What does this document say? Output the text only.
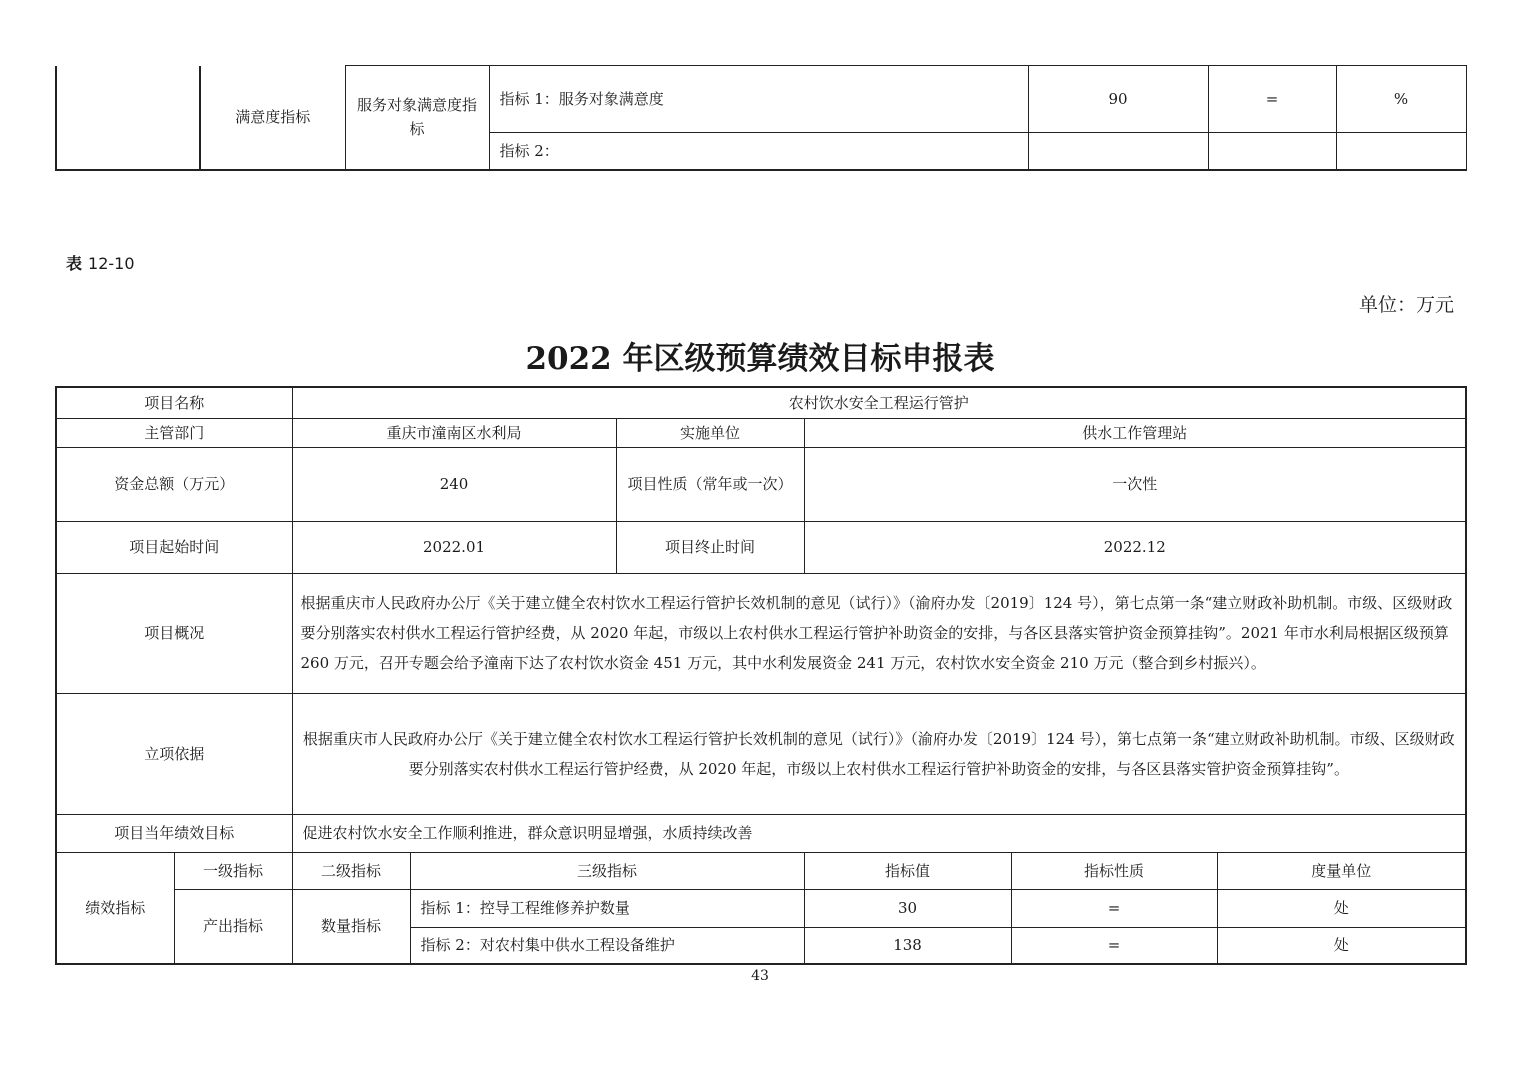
	满意度指标	服务对象满意度指标	指标 1：服务对象满意度	90	=	%
			指标 2：			
表 12-10
单位：万元
2022 年区级预算绩效目标申报表
项目名称		农村饮水安全工程运行管护					
主管部门		重庆市潼南区水利局		实施单位	供水工作管理站		
资金总额（万元）		240		项目性质（常年或一次）	一次性		
项目起始时间		2022.01		项目终止时间	2022.12		
项目概况		根据重庆市人民政府办公厅《关于建立健全农村饮水工程运行管护长效机制的意见（试行）》（渝府办发〔2019〕124 号），第七点第一条“建立财政补助机制。市级、区级财政要分别落实农村供水工程运行管护经费，从 2020 年起，市级以上农村供水工程运行管护补助资金的安排，与各区县落实管护资金预算挂钩”。2021 年市水利局根据区级预算 260 万元，召开专题会给予潼南下达了农村饮水资金 451 万元，其中水利发展资金 241 万元，农村饮水安全资金 210 万元（整合到乡村振兴）。					
立项依据		根据重庆市人民政府办公厅《关于建立健全农村饮水工程运行管护长效机制的意见（试行）》（渝府办发〔2019〕124 号），第七点第一条“建立财政补助机制。市级、区级财政要分别落实农村供水工程运行管护经费，从 2020 年起，市级以上农村供水工程运行管护补助资金的安排，与各区县落实管护资金预算挂钩”。					
项目当年绩效目标		促进农村饮水安全工作顺利推进，群众意识明显增强，水质持续改善					
绩效指标	一级指标	二级指标	三级指标		指标值	指标性质	度量单位
	产出指标	数量指标	指标 1：控导工程维修养护数量		30	=	处
			指标 2：对农村集中供水工程设备维护		138	=	处
43
